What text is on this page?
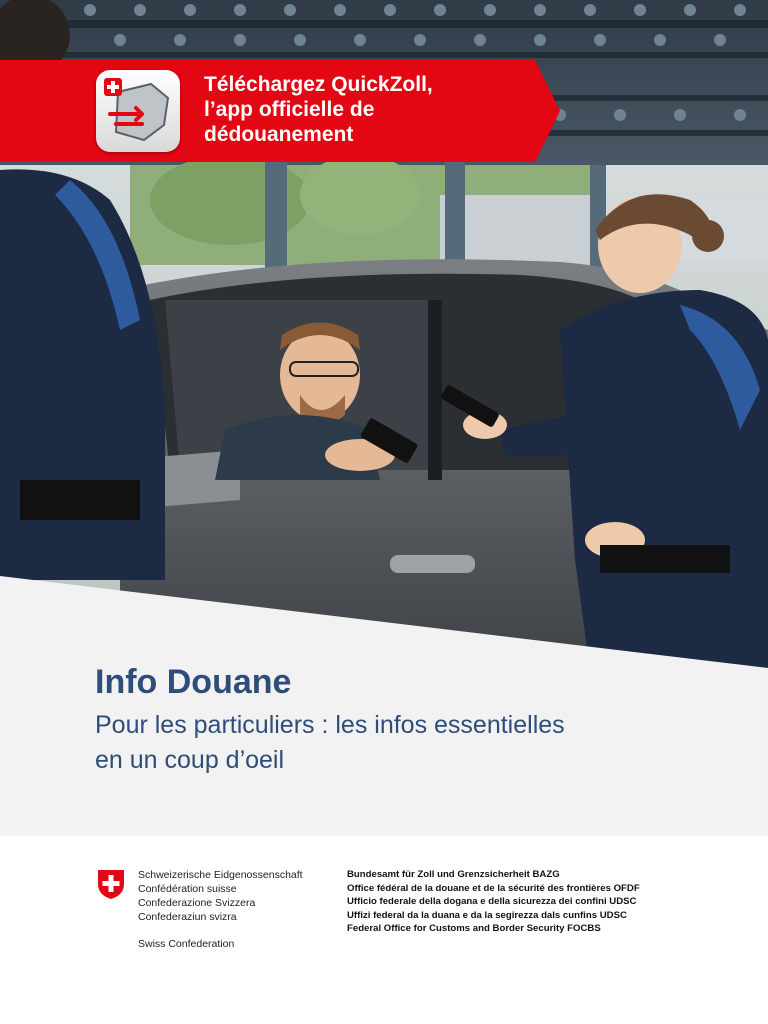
Téléchargez QuickZoll,
l’app officielle de
dédouanement
Info Douane
Pour les particuliers : les infos essentielles
en un coup d’oeil
Schweizerische Eidgenossenschaft
Confédération suisse
Confederazione Svizzera
Confederaziun svizra
Swiss Confederation
Bundesamt für Zoll und Grenzsicherheit BAZG
Office fédéral de la douane et de la sécurité des frontières OFDF
Ufficio federale della dogana e della sicurezza dei confini UDSC
Uffizi federal da la duana e da la segirezza dals cunfins UDSC
Federal Office for Customs and Border Security FOCBS
